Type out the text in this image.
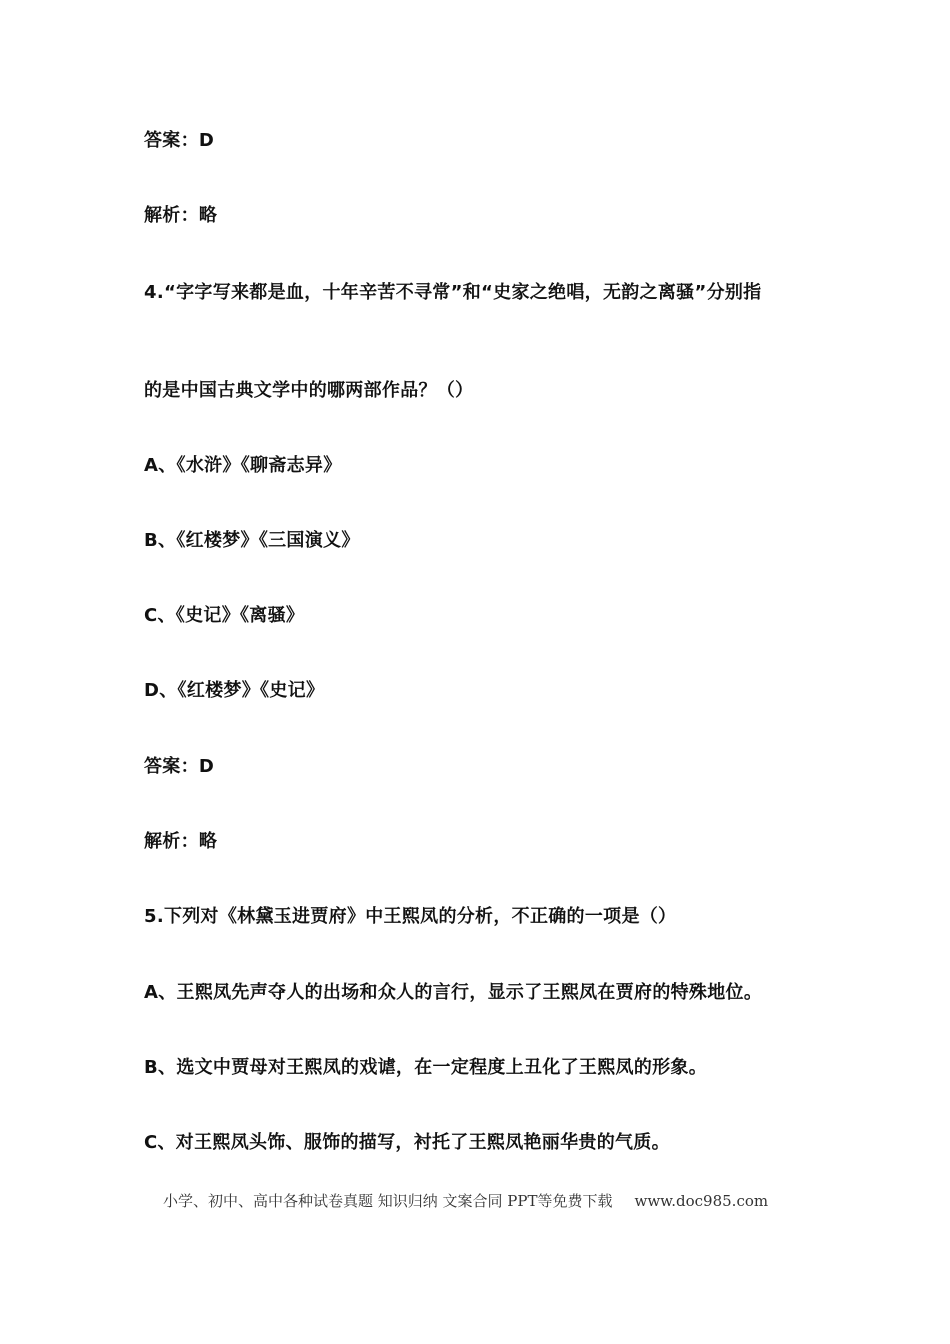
答案：D
解析：略
4.“字字写来都是血，十年辛苦不寻常”和“史家之绝唱，无韵之离骚”分别指
的是中国古典文学中的哪两部作品？（）
A、《水浒》《聊斋志异》
B、《红楼梦》《三国演义》
C、《史记》《离骚》
D、《红楼梦》《史记》
答案：D
解析：略
5.下列对《林黛玉进贾府》中王熙凤的分析，不正确的一项是（）
A、王熙凤先声夺人的出场和众人的言行，显示了王熙凤在贾府的特殊地位。
B、选文中贾母对王熙凤的戏谑，在一定程度上丑化了王熙凤的形象。
C、对王熙凤头饰、服饰的描写，衬托了王熙凤艳丽华贵的气质。
小学、初中、高中各种试卷真题 知识归纳 文案合同 PPT等免费下载 www.doc985.com
